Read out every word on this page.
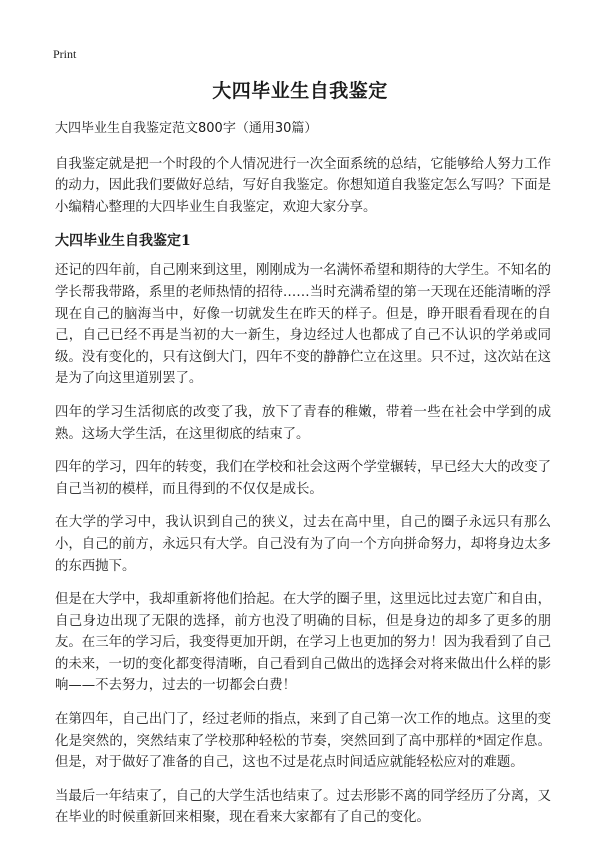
Print
大四毕业生自我鉴定

大四毕业生自我鉴定范文800字（通用30篇）

自我鉴定就是把一个时段的个人情况进行一次全面系统的总结，它能够给人努力工作的动力，因此我们要做好总结，写好自我鉴定。你想知道自我鉴定怎么写吗？下面是小编精心整理的大四毕业生自我鉴定，欢迎大家分享。

大四毕业生自我鉴定1

还记的四年前，自己刚来到这里，刚刚成为一名满怀希望和期待的大学生。不知名的学长帮我带路，系里的老师热情的招待……当时充满希望的第一天现在还能清晰的浮现在自己的脑海当中，好像一切就发生在昨天的样子。但是，睁开眼看看现在的自己，自己已经不再是当初的大一新生，身边经过人也都成了自己不认识的学弟或同级。没有变化的，只有这倒大门，四年不变的静静伫立在这里。只不过，这次站在这是为了向这里道别罢了。

四年的学习生活彻底的改变了我，放下了青春的稚嫩，带着一些在社会中学到的成熟。这场大学生活，在这里彻底的结束了。

四年的学习，四年的转变，我们在学校和社会这两个学堂辗转，早已经大大的改变了自己当初的模样，而且得到的不仅仅是成长。

在大学的学习中，我认识到自己的狭义，过去在高中里，自己的圈子永远只有那么小，自己的前方，永远只有大学。自己没有为了向一个方向拼命努力，却将身边太多的东西抛下。

但是在大学中，我却重新将他们拾起。在大学的圈子里，这里远比过去宽广和自由，自己身边出现了无限的选择，前方也没了明确的目标，但是身边的却多了更多的朋友。在三年的学习后，我变得更加开朗，在学习上也更加的努力！因为我看到了自己的未来，一切的变化都变得清晰，自己看到自己做出的选择会对将来做出什么样的影响——不去努力，过去的一切都会白费！

在第四年，自己出门了，经过老师的指点，来到了自己第一次工作的地点。这里的变化是突然的，突然结束了学校那种轻松的节奏，突然回到了高中那样的*固定作息。但是，对于做好了准备的自己，这也不过是花点时间适应就能轻松应对的难题。

当最后一年结束了，自己的大学生活也结束了。过去形影不离的同学经历了分离，又在毕业的时候重新回来相聚，现在看来大家都有了自己的变化。
